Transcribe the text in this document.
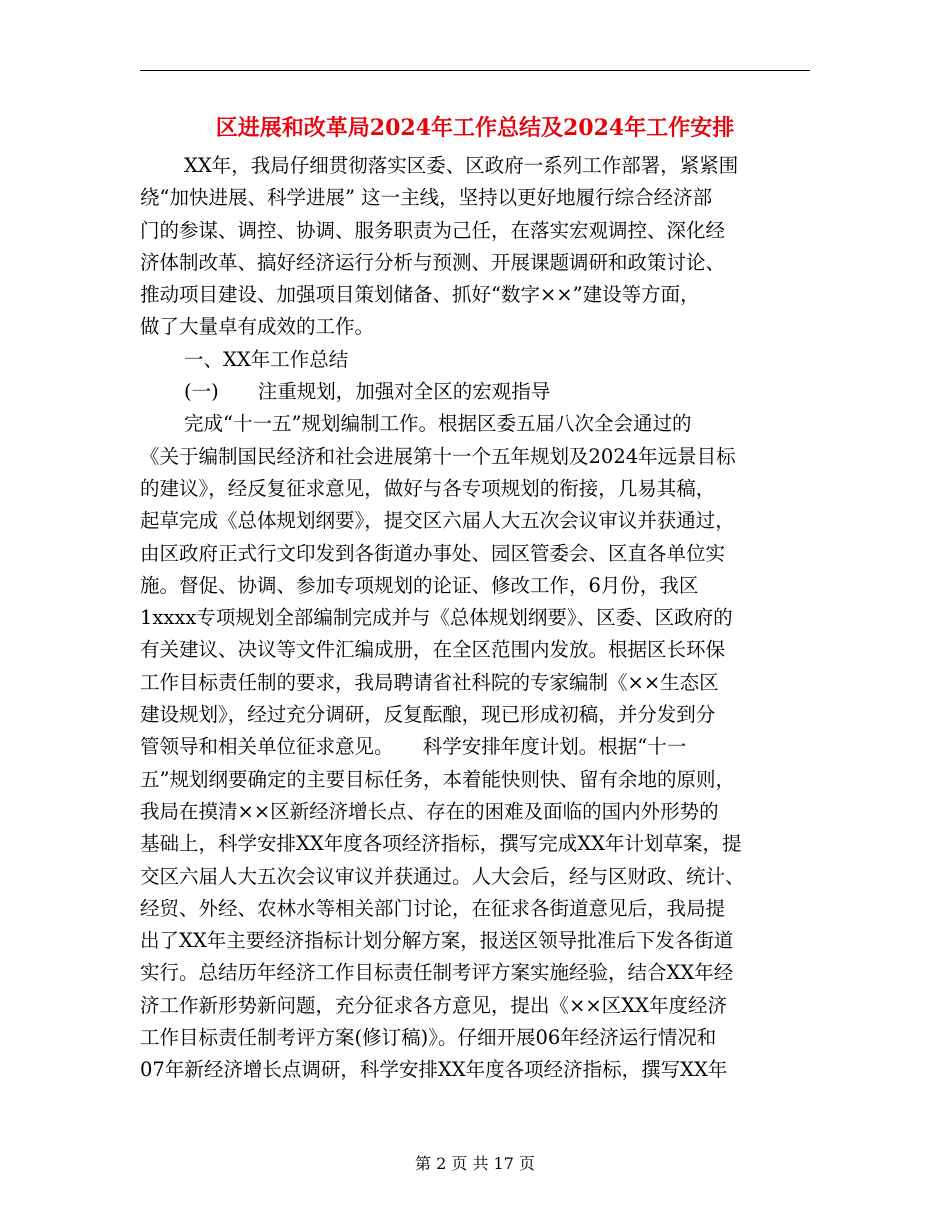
区进展和改革局2024年工作总结及2024年工作安排
XX年，我局仔细贯彻落实区委、区政府一系列工作部署，紧紧围
绕“加快进展、科学进展” 这一主线，坚持以更好地履行综合经济部
门的参谋、调控、协调、服务职责为己任，在落实宏观调控、深化经
济体制改革、搞好经济运行分析与预测、开展课题调研和政策讨论、
推动项目建设、加强项目策划储备、抓好“数字××”建设等方面，
做了大量卓有成效的工作。
一、XX年工作总结
(一)　　注重规划，加强对全区的宏观指导
完成“十一五”规划编制工作。根据区委五届八次全会通过的
《关于编制国民经济和社会进展第十一个五年规划及2024年远景目标
的建议》，经反复征求意见，做好与各专项规划的衔接，几易其稿，
起草完成《总体规划纲要》，提交区六届人大五次会议审议并获通过，
由区政府正式行文印发到各街道办事处、园区管委会、区直各单位实
施。督促、协调、参加专项规划的论证、修改工作，6月份，我区
1xxxx专项规划全部编制完成并与《总体规划纲要》、区委、区政府的
有关建议、决议等文件汇编成册，在全区范围内发放。根据区长环保
工作目标责任制的要求，我局聘请省社科院的专家编制《××生态区
建设规划》，经过充分调研，反复酝酿，现已形成初稿，并分发到分
管领导和相关单位征求意见。　　科学安排年度计划。根据“十一
五”规划纲要确定的主要目标任务，本着能快则快、留有余地的原则，
我局在摸清××区新经济增长点、存在的困难及面临的国内外形势的
基础上，科学安排XX年度各项经济指标，撰写完成XX年计划草案，提
交区六届人大五次会议审议并获通过。人大会后，经与区财政、统计、
经贸、外经、农林水等相关部门讨论，在征求各街道意见后，我局提
出了XX年主要经济指标计划分解方案，报送区领导批准后下发各街道
实行。总结历年经济工作目标责任制考评方案实施经验，结合XX年经
济工作新形势新问题，充分征求各方意见，提出《××区XX年度经济
工作目标责任制考评方案(修订稿)》。仔细开展06年经济运行情况和
07年新经济增长点调研，科学安排XX年度各项经济指标，撰写XX年
第 2 页 共 17 页
